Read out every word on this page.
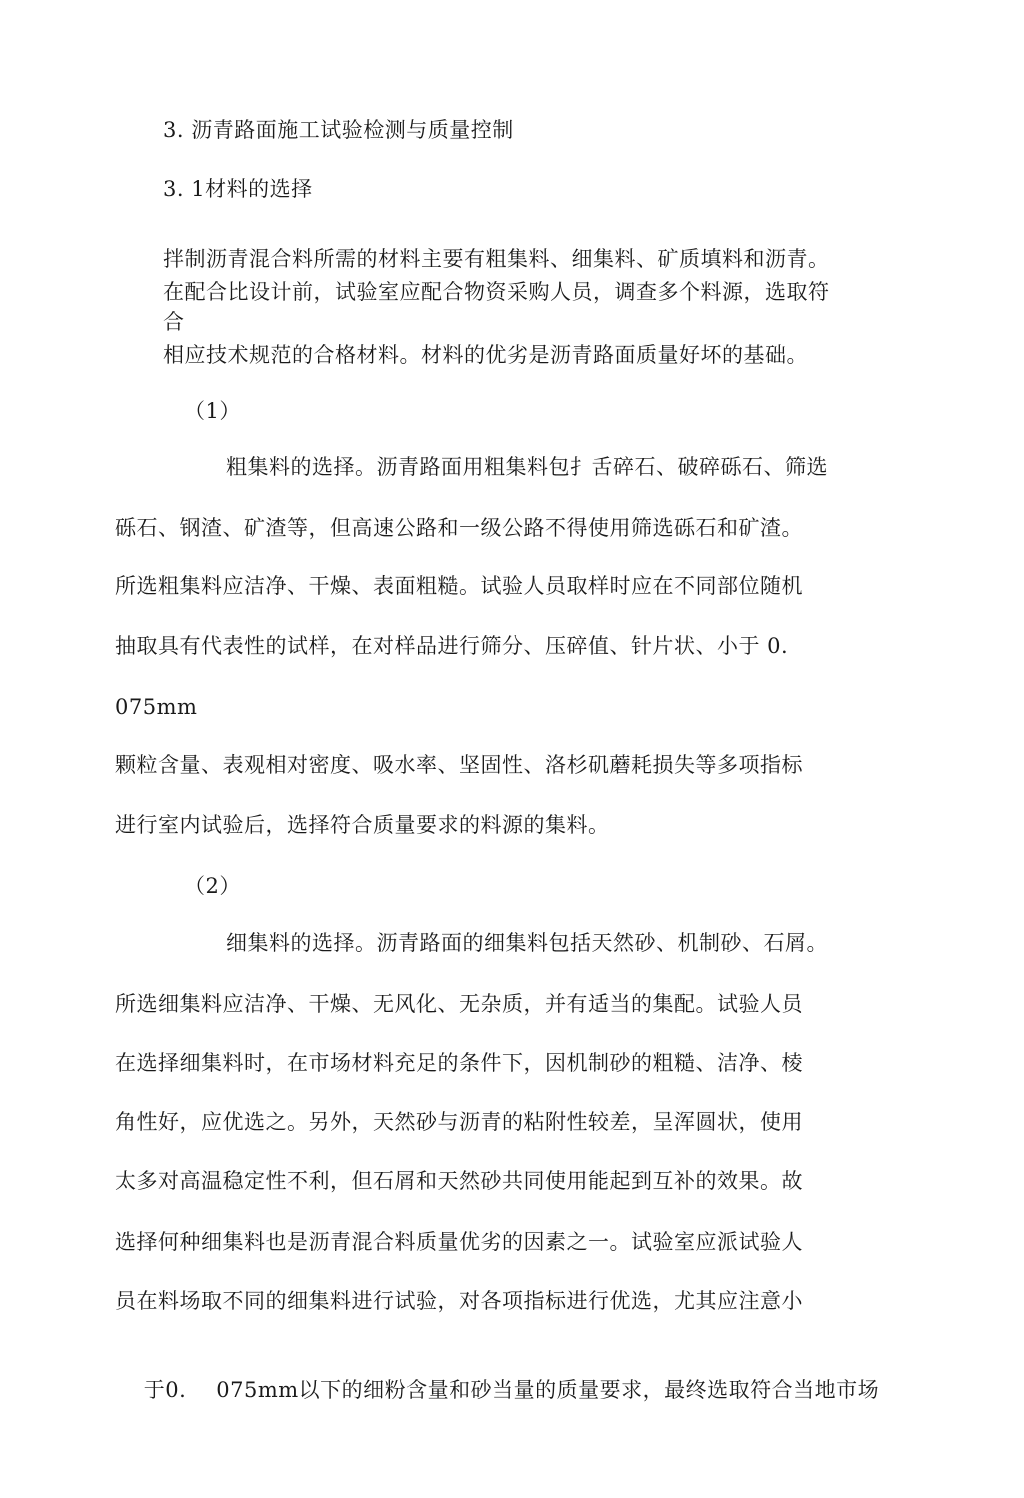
3. 沥青路面施工试验检测与质量控制
3. 1材料的选择
拌制沥青混合料所需的材料主要有粗集料、细集料、矿质填料和沥青。
在配合比设计前，试验室应配合物资采购人员，调查多个料源，选取符
合
相应技术规范的合格材料。材料的优劣是沥青路面质量好坏的基础。
（1）
粗集料的选择。沥青路面用粗集料包扌舌碎石、破碎砾石、筛选
砾石、钢渣、矿渣等，但高速公路和一级公路不得使用筛选砾石和矿渣。
所选粗集料应洁净、干燥、表面粗糙。试验人员取样时应在不同部位随机
抽取具有代表性的试样，在对样品进行筛分、压碎值、针片状、小于 0.
075mm
颗粒含量、表观相对密度、吸水率、坚固性、洛杉矶蘑耗损失等多项指标
进行室内试验后，选择符合质量要求的料源的集料。
（2）
细集料的选择。沥青路面的细集料包括天然砂、机制砂、石屑。
所选细集料应洁净、干燥、无风化、无杂质，并有适当的集配。试验人员
在选择细集料时，在市场材料充足的条件下，因机制砂的粗糙、洁净、棱
角性好，应优选之。另外，天然砂与沥青的粘附性较差，呈浑圆状，使用
太多对高温稳定性不利，但石屑和天然砂共同使用能起到互补的效果。故
选择何种细集料也是沥青混合料质量优劣的因素之一。试验室应派试验人
员在料场取不同的细集料进行试验，对各项指标进行优选，尤其应注意小

于0. 075mm以下的细粉含量和砂当量的质量要求，最终选取符合当地市场
